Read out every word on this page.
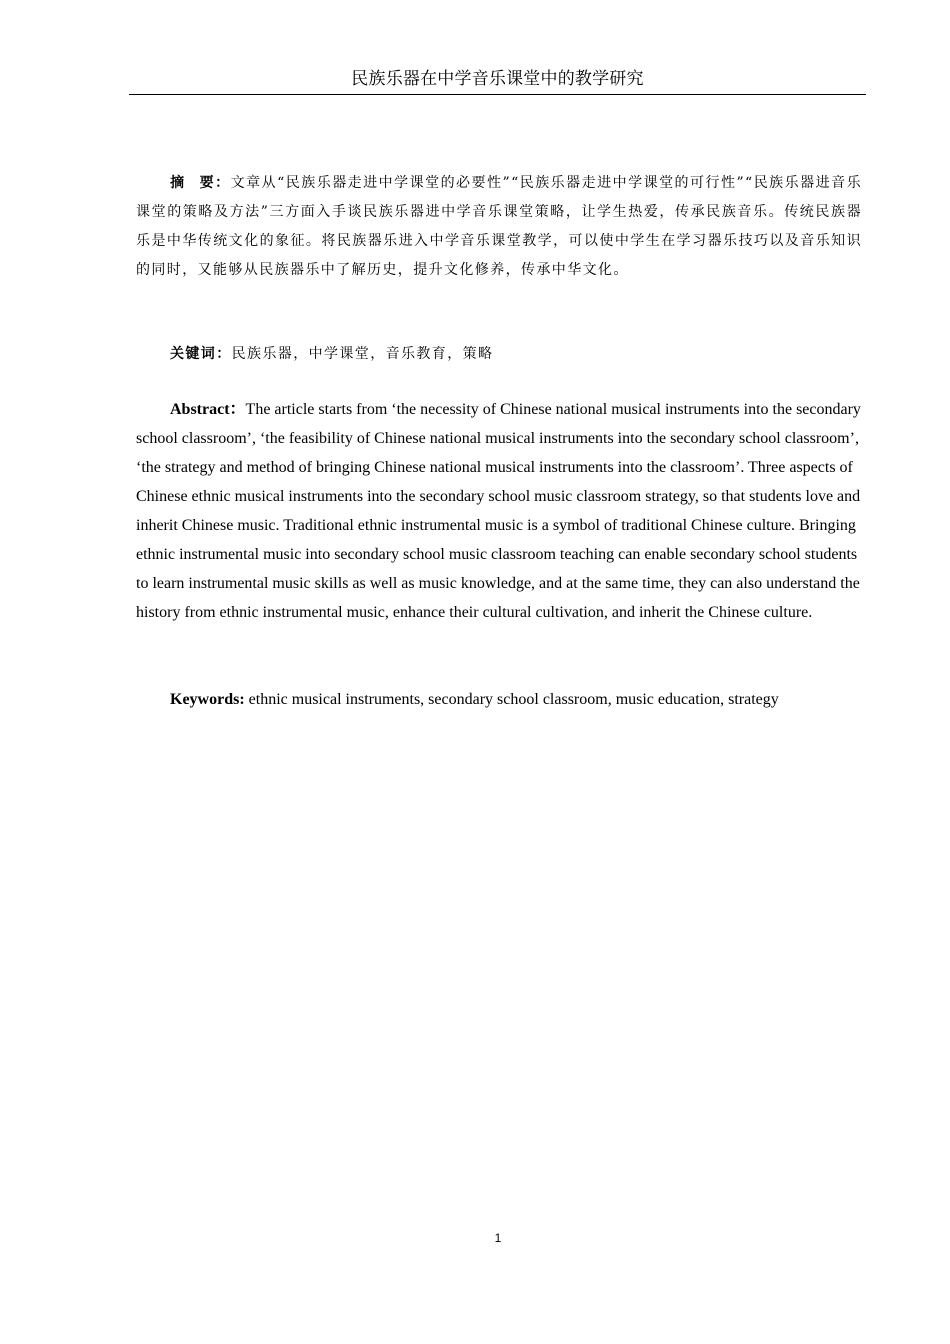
民族乐器在中学音乐课堂中的教学研究
摘 要：文章从“民族乐器走进中学课堂的必要性”“民族乐器走进中学课堂的可行性”“民族乐器进音乐课堂的策略及方法”三方面入手谈民族乐器进中学音乐课堂策略，让学生热爱，传承民族音乐。传统民族器乐是中华传统文化的象征。将民族器乐进入中学音乐课堂教学，可以使中学生在学习器乐技巧以及音乐知识的同时，又能够从民族器乐中了解历史，提升文化修养，传承中华文化。
关键词：民族乐器，中学课堂，音乐教育，策略
Abstract：The article starts from ‘the necessity of Chinese national musical instruments into the secondary school classroom’, ‘the feasibility of Chinese national musical instruments into the secondary school classroom’, ‘the strategy and method of bringing Chinese national musical instruments into the classroom’. Three aspects of Chinese ethnic musical instruments into the secondary school music classroom strategy, so that students love and inherit Chinese music. Traditional ethnic instrumental music is a symbol of traditional Chinese culture. Bringing ethnic instrumental music into secondary school music classroom teaching can enable secondary school students to learn instrumental music skills as well as music knowledge, and at the same time, they can also understand the history from ethnic instrumental music, enhance their cultural cultivation, and inherit the Chinese culture.
Keywords: ethnic musical instruments, secondary school classroom, music education, strategy
1
